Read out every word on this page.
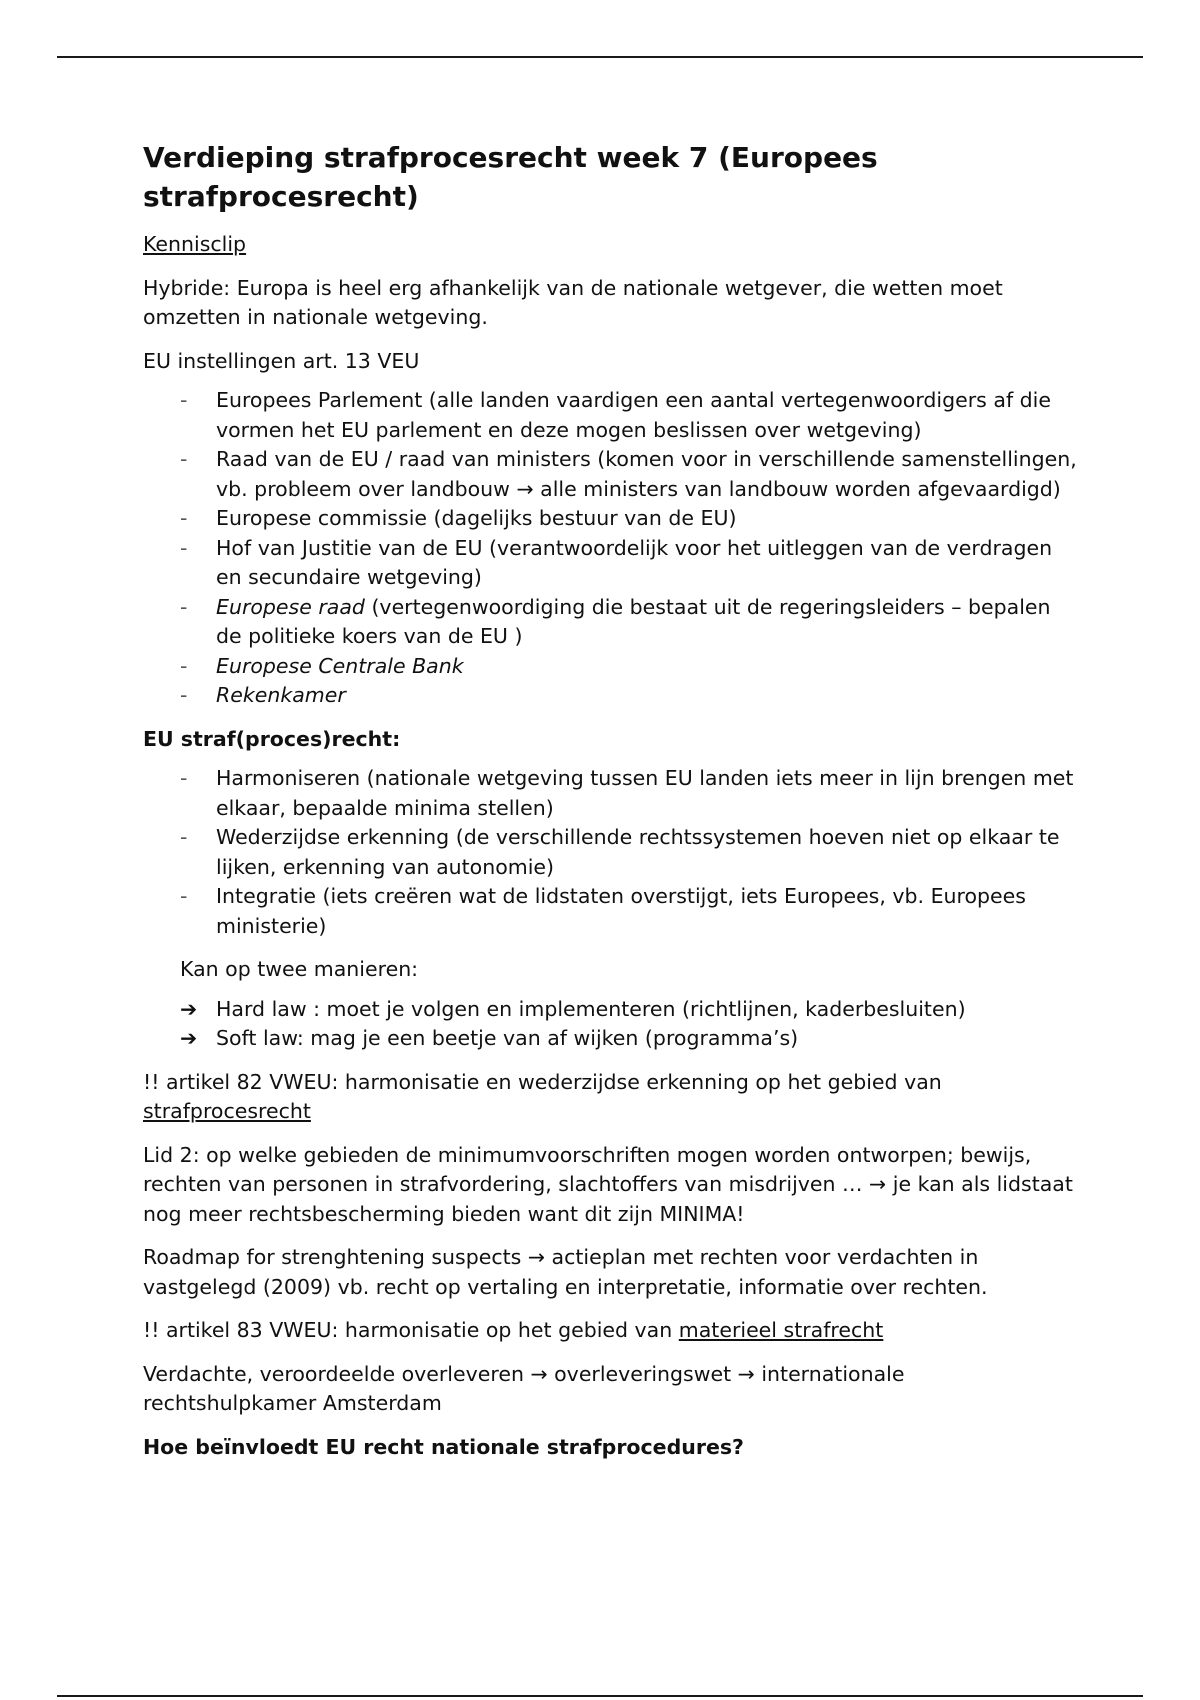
Verdieping strafprocesrecht week 7 (Europees strafprocesrecht)

Kennisclip

Hybride: Europa is heel erg afhankelijk van de nationale wetgever, die wetten moet omzetten in nationale wetgeving.

EU instellingen art. 13 VEU

- Europees Parlement (alle landen vaardigen een aantal vertegenwoordigers af die vormen het EU parlement en deze mogen beslissen over wetgeving)
- Raad van de EU / raad van ministers (komen voor in verschillende samenstellingen, vb. probleem over landbouw → alle ministers van landbouw worden afgevaardigd)
- Europese commissie (dagelijks bestuur van de EU)
- Hof van Justitie van de EU (verantwoordelijk voor het uitleggen van de verdragen en secundaire wetgeving)
- Europese raad (vertegenwoordiging die bestaat uit de regeringsleiders – bepalen de politieke koers van de EU )
- Europese Centrale Bank
- Rekenkamer

EU straf(proces)recht:

- Harmoniseren (nationale wetgeving tussen EU landen iets meer in lijn brengen met elkaar, bepaalde minima stellen)
- Wederzijdse erkenning (de verschillende rechtssystemen hoeven niet op elkaar te lijken, erkenning van autonomie)
- Integratie (iets creëren wat de lidstaten overstijgt, iets Europees, vb. Europees ministerie)

Kan op twee manieren:

➔ Hard law : moet je volgen en implementeren (richtlijnen, kaderbesluiten)
➔ Soft law: mag je een beetje van af wijken (programma’s)

!! artikel 82 VWEU: harmonisatie en wederzijdse erkenning op het gebied van strafprocesrecht

Lid 2: op welke gebieden de minimumvoorschriften mogen worden ontworpen; bewijs, rechten van personen in strafvordering, slachtoffers van misdrijven … → je kan als lidstaat nog meer rechtsbescherming bieden want dit zijn MINIMA!

Roadmap for strenghtening suspects → actieplan met rechten voor verdachten in vastgelegd (2009) vb. recht op vertaling en interpretatie, informatie over rechten.

!! artikel 83 VWEU: harmonisatie op het gebied van materieel strafrecht

Verdachte, veroordeelde overleveren → overleveringswet → internationale rechtshulpkamer Amsterdam

Hoe beïnvloedt EU recht nationale strafprocedures?
